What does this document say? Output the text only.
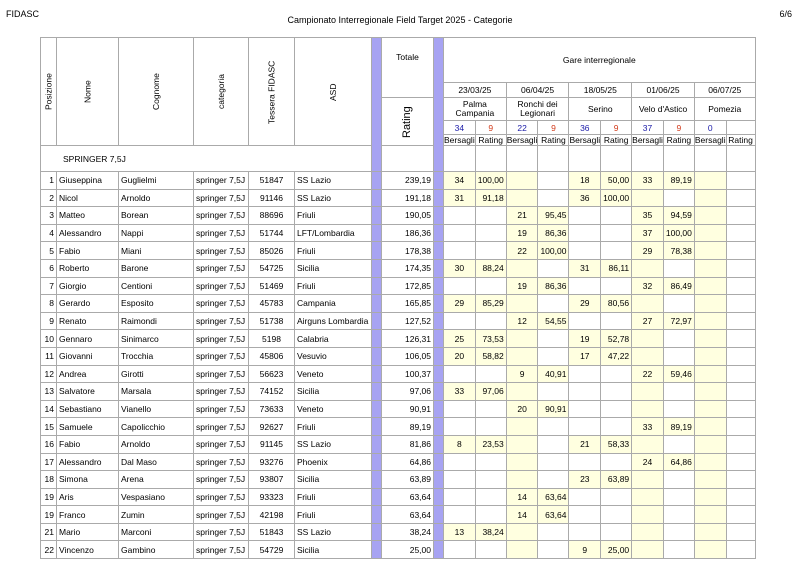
FIDASC
Campionato Interregionale Field Target 2025 - Categorie
6/6
Posizione	Nome	Cognome	categoria	Tessera FIDASC	ASD		Totale		Gare interregionale									
									23/03/25		06/04/25		18/05/25		01/06/25		06/07/25	
							Rating		Palma Campania		Ronchi dei Legionari		Serino		Velo d'Astico		Pomezia	
									34	9	22	9	36	9	37	9	0	
									Bersagli	Rating	Bersagli	Rating	Bersagli	Rating	Bersagli	Rating	Bersagli	Rating
SPRINGER 7,5J																		
1	Giuseppina	Guglielmi	springer 7,5J	51847	SS Lazio		239,19		34	100,00			18	50,00	33	89,19		
2	Nicol	Arnoldo	springer 7,5J	91146	SS Lazio		191,18		31	91,18			36	100,00				
3	Matteo	Borean	springer 7,5J	88696	Friuli		190,05				21	95,45			35	94,59		
4	Alessandro	Nappi	springer 7,5J	51744	LFT/Lombardia		186,36				19	86,36			37	100,00		
5	Fabio	Miani	springer 7,5J	85026	Friuli		178,38				22	100,00			29	78,38		
6	Roberto	Barone	springer 7,5J	54725	Sicilia		174,35		30	88,24			31	86,11				
7	Giorgio	Centioni	springer 7,5J	51469	Friuli		172,85				19	86,36			32	86,49		
8	Gerardo	Esposito	springer 7,5J	45783	Campania		165,85		29	85,29			29	80,56				
9	Renato	Raimondi	springer 7,5J	51738	Airguns Lombardia		127,52				12	54,55			27	72,97		
10	Gennaro	Sinimarco	springer 7,5J	5198	Calabria		126,31		25	73,53			19	52,78				
11	Giovanni	Trocchia	springer 7,5J	45806	Vesuvio		106,05		20	58,82			17	47,22				
12	Andrea	Girotti	springer 7,5J	56623	Veneto		100,37				9	40,91			22	59,46		
13	Salvatore	Marsala	springer 7,5J	74152	Sicilia		97,06		33	97,06								
14	Sebastiano	Vianello	springer 7,5J	73633	Veneto		90,91				20	90,91						
15	Samuele	Capolicchio	springer 7,5J	92627	Friuli		89,19								33	89,19		
16	Fabio	Arnoldo	springer 7,5J	91145	SS Lazio		81,86		8	23,53			21	58,33				
17	Alessandro	Dal Maso	springer 7,5J	93276	Phoenix		64,86								24	64,86		
18	Simona	Arena	springer 7,5J	93807	Sicilia		63,89						23	63,89				
19	Aris	Vespasiano	springer 7,5J	93323	Friuli		63,64				14	63,64						
19	Franco	Zumin	springer 7,5J	42198	Friuli		63,64				14	63,64						
21	Mario	Marconi	springer 7,5J	51843	SS Lazio		38,24		13	38,24								
22	Vincenzo	Gambino	springer 7,5J	54729	Sicilia		25,00						9	25,00				
